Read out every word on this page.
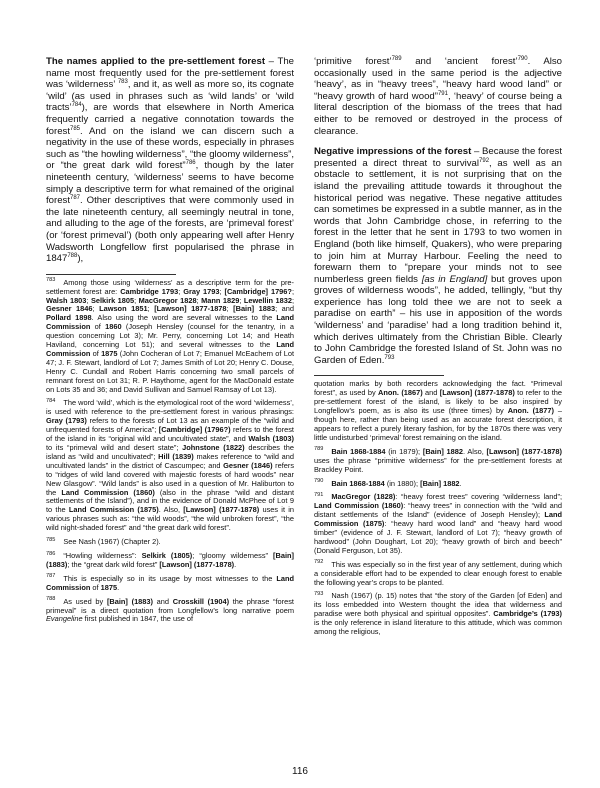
The names applied to the pre-settlement forest – The name most frequently used for the pre-settlement forest was ‘wilderness’ $^{783}$, and it, as well as more so, its cognate ‘wild’ (as used in phrases such as ‘wild lands’ or ‘wild tracts’$^{784}$), are words that elsewhere in North America frequently carried a negative connotation towards the forest$^{785}$. And on the island we can discern such a negativity in the use of these words, especially in phrases such as “the howling wilderness”, “the gloomy wilderness”, or “the great dark wild forest”$^{786}$, though by the later nineteenth century, ‘wilderness’ seems to have become simply a descriptive term for what remained of the original forest$^{787}$. Other descriptives that were commonly used in the late nineteenth century, all seemingly neutral in tone, and alluding to the age of the forests, are ‘primeval forest’ (or ‘forest primeval’) (both only appearing well after Henry Wadsworth Longfellow first popularised the phrase in 1847$^{788}$),

$^{783}$ Among those using ‘wilderness’ as a descriptive term for the pre-settlement forest are: Cambridge 1793; Gray 1793; [Cambridge] 1796?; Walsh 1803; Selkirk 1805; MacGregor 1828; Mann 1829; Lewellin 1832; Gesner 1846; Lawson 1851; [Lawson] 1877-1878; [Bain] 1883; and Pollard 1898. Also using the word are several witnesses to the Land Commission of 1860 (Joseph Hensley (counsel for the tenantry, in a question concerning Lot 3); Mr. Perry, concerning Lot 14; and Heath Haviland, concerning Lot 51); and several witnesses to the Land Commission of 1875 (John Cocheran of Lot 7; Emanuel McEachern of Lot 47; J. F. Stewart, landlord of Lot 7; James Smith of Lot 20; Henry C. Douse, Henry C. Cundall and Robert Harris concerning two small parcels of remnant forest on Lot 31; R. P. Haythorne, agent for the MacDonald estate on Lots 35 and 36; and David Sullivan and Samuel Ramsay of Lot 13).

$^{784}$ The word ‘wild’, which is the etymological root of the word ‘wilderness’, is used with reference to the pre-settlement forest in various phrasings: Gray (1793) refers to the forests of Lot 13 as an example of the “wild and unfrequented forests of America”; [Cambridge] (1796?) refers to the forest of the island in its “original wild and uncultivated state”, and Walsh (1803) to its “primeval wild and desert state”; Johnstone (1822) describes the island as “wild and uncultivated”; Hill (1839) makes reference to “wild and uncultivated lands” in the district of Cascumpec; and Gesner (1846) refers to “ridges of wild land covered with majestic forests of hard woods” near New Glasgow”. “Wild lands” is also used in a question of Mr. Haliburton to the Land Commission (1860) (also in the phrase “wild and distant settlements of the Island”), and in the evidence of Donald McPhee of Lot 9 to the Land Commission (1875). Also, [Lawson] (1877-1878) uses it in various phrases such as: “the wild woods”, “the wild unbroken forest”, “the wild night-shaded forest” and “the great dark wild forest”.

$^{785}$ See Nash (1967) (Chapter 2).

$^{786}$ “Howling wilderness”: Selkirk (1805); “gloomy wilderness” [Bain] (1883); the “great dark wild forest” [Lawson] (1877-1878).

$^{787}$ This is especially so in its usage by most witnesses to the Land Commission of 1875.

$^{788}$ As used by [Bain] (1883) and Crosskill (1904) the phrase “forest primeval” is a direct quotation from Longfellow’s long narrative poem Evangeline first published in 1847, the use of

‘primitive forest’$^{789}$ and ‘ancient forest’$^{790}$. Also occasionally used in the same period is the adjective ‘heavy’, as in “heavy trees”, “heavy hard wood land” or “heavy growth of hard wood”$^{791}$, ‘heavy’ of course being a literal description of the biomass of the trees that had either to be removed or destroyed in the process of clearance.

Negative impressions of the forest – Because the forest presented a direct threat to survival$^{792}$, as well as an obstacle to settlement, it is not surprising that on the island the prevailing attitude towards it throughout the historical period was negative. These negative attitudes can sometimes be expressed in a subtle manner, as in the words that John Cambridge chose, in referring to the forest in the letter that he sent in 1793 to two women in England (both like himself, Quakers), who were preparing to join him at Murray Harbour. Feeling the need to forewarn them to “prepare your minds not to see numberless green fields [as in England] but groves upon groves of wilderness woods”, he added, tellingly, “but thy experience has long told thee we are not to seek a paradise on earth” – his use in apposition of the words ‘wilderness’ and ‘paradise’ had a long tradition behind it, which derives ultimately from the Christian Bible. Clearly to John Cambridge the forested Island of St. John was no Garden of Eden.$^{793}$

quotation marks by both recorders acknowledging the fact. “Primeval forest”, as used by Anon. (1867) and [Lawson] (1877-1878) to refer to the pre-settlement forest of the island, is likely to be also inspired by Longfellow’s poem, as is also its use (three times) by Anon. (1877) – though here, rather than being used as an accurate forest description, it appears to reflect a purely literary fashion, for by the 1870s there was very little undisturbed ‘primeval’ forest remaining on the island.

$^{789}$ Bain 1868-1884 (in 1879); [Bain] 1882. Also, [Lawson] (1877-1878) uses the phrase “primitive wilderness” for the pre-settlement forests at Brackley Point.

$^{790}$ Bain 1868-1884 (in 1880); [Bain] 1882.

$^{791}$ MacGregor (1828): “heavy forest trees” covering “wilderness land”; Land Commission (1860): “heavy trees” in connection with the “wild and distant settlements of the Island” (evidence of Joseph Hensley); Land Commission (1875): “heavy hard wood land” and “heavy hard wood timber” (evidence of J. F. Stewart, landlord of Lot 7); “heavy growth of hardwood” (John Doughart, Lot 20); “heavy growth of birch and beech” (Donald Ferguson, Lot 35).

$^{792}$ This was especially so in the first year of any settlement, during which a considerable effort had to be expended to clear enough forest to enable the following year’s crops to be planted.

$^{793}$ Nash (1967) (p. 15) notes that “the story of the Garden [of Eden] and its loss embedded into Western thought the idea that wilderness and paradise were both physical and spiritual opposites”. Cambridge’s (1793) is the only reference in island literature to this attitude, which was common among the religious,

116
